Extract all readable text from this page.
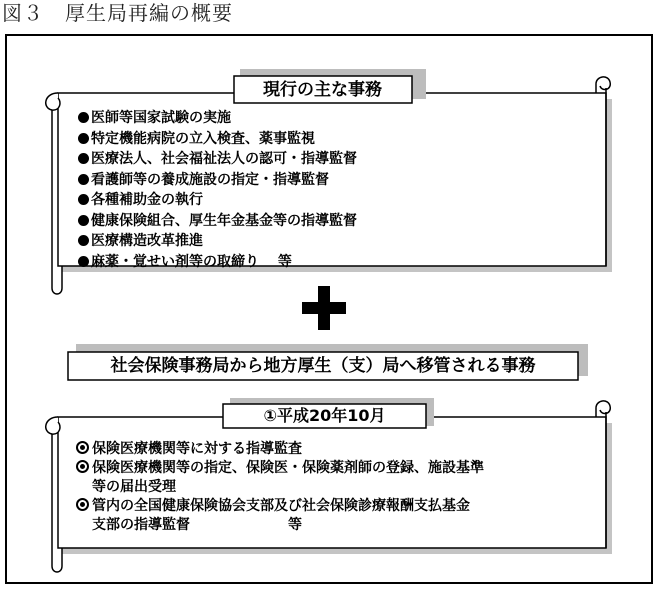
図３　厚生局再編の概要
現行の主な事務
医師等国家試験の実施
特定機能病院の立入検査、薬事監視
医療法人、社会福祉法人の認可・指導監督
看護師等の養成施設の指定・指導監督
各種補助金の執行
健康保険組合、厚生年金基金等の指導監督
医療構造改革推進
麻薬・覚せい剤等の取締り　 等
社会保険事務局から地方厚生（支）局へ移管される事務
①平成20年10月
保険医療機関等に対する指導監査
保険医療機関等の指定、保険医・保険薬剤師の登録、施設基準
等の届出受理
管内の全国健康保険協会支部及び社会保険診療報酬支払基金
支部の指導監督　　　　　　　等
